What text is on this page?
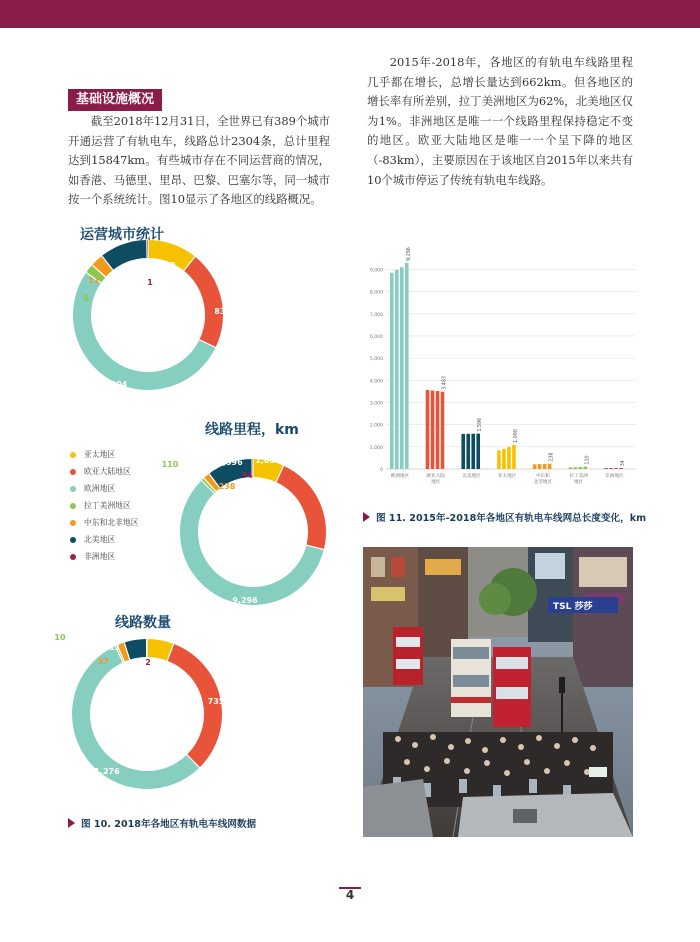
基础设施概况

截至2018年12月31日，全世界已有389个城市开通运营了有轨电车，线路总计2304条，总计里程达到15847km。有些城市存在不同运营商的情况，如香港、马德里、里昂、巴黎、巴塞尔等，同一城市按一个系统统计。图10显示了各地区的线路概况。

2015年-2018年，各地区的有轨电车线路里程几乎都在增长，总增长量达到662km。但各地区的增长率有所差别，拉丁美洲地区为62%，北美地区仅为1%。非洲地区是唯一一个线路里程保持稳定不变的地区。欧亚大陆地区是唯一一个呈下降的地区（-83km），主要原因在于该地区自2015年以来共有10个城市停运了传统有轨电车线路。

运营城市统计
42
83
204
8
11
40
1
线路里程，km
1,090
3,483
9,296
110
238
1,596
34
亚太地区
欧亚大陆地区
欧洲地区
拉丁美洲地区
中东和北非地区
北美地区
非洲地区
线路数量
133
735
1,276
10
37
111
2
图 10. 2018年各地区有轨电车线网数据
0
1,000
2,000
3,000
4,000
5,000
6,000
7,000
8,000
9,000
9,296
欧洲地区
3,483
欧亚大陆
地区
1,596
北美地区
1,090
亚太地区
238
中东和
北非地区
110
拉丁美洲
地区
34
非洲地区
图 11. 2015年-2018年各地区有轨电车线网总长度变化，km
TSL 莎莎
4
